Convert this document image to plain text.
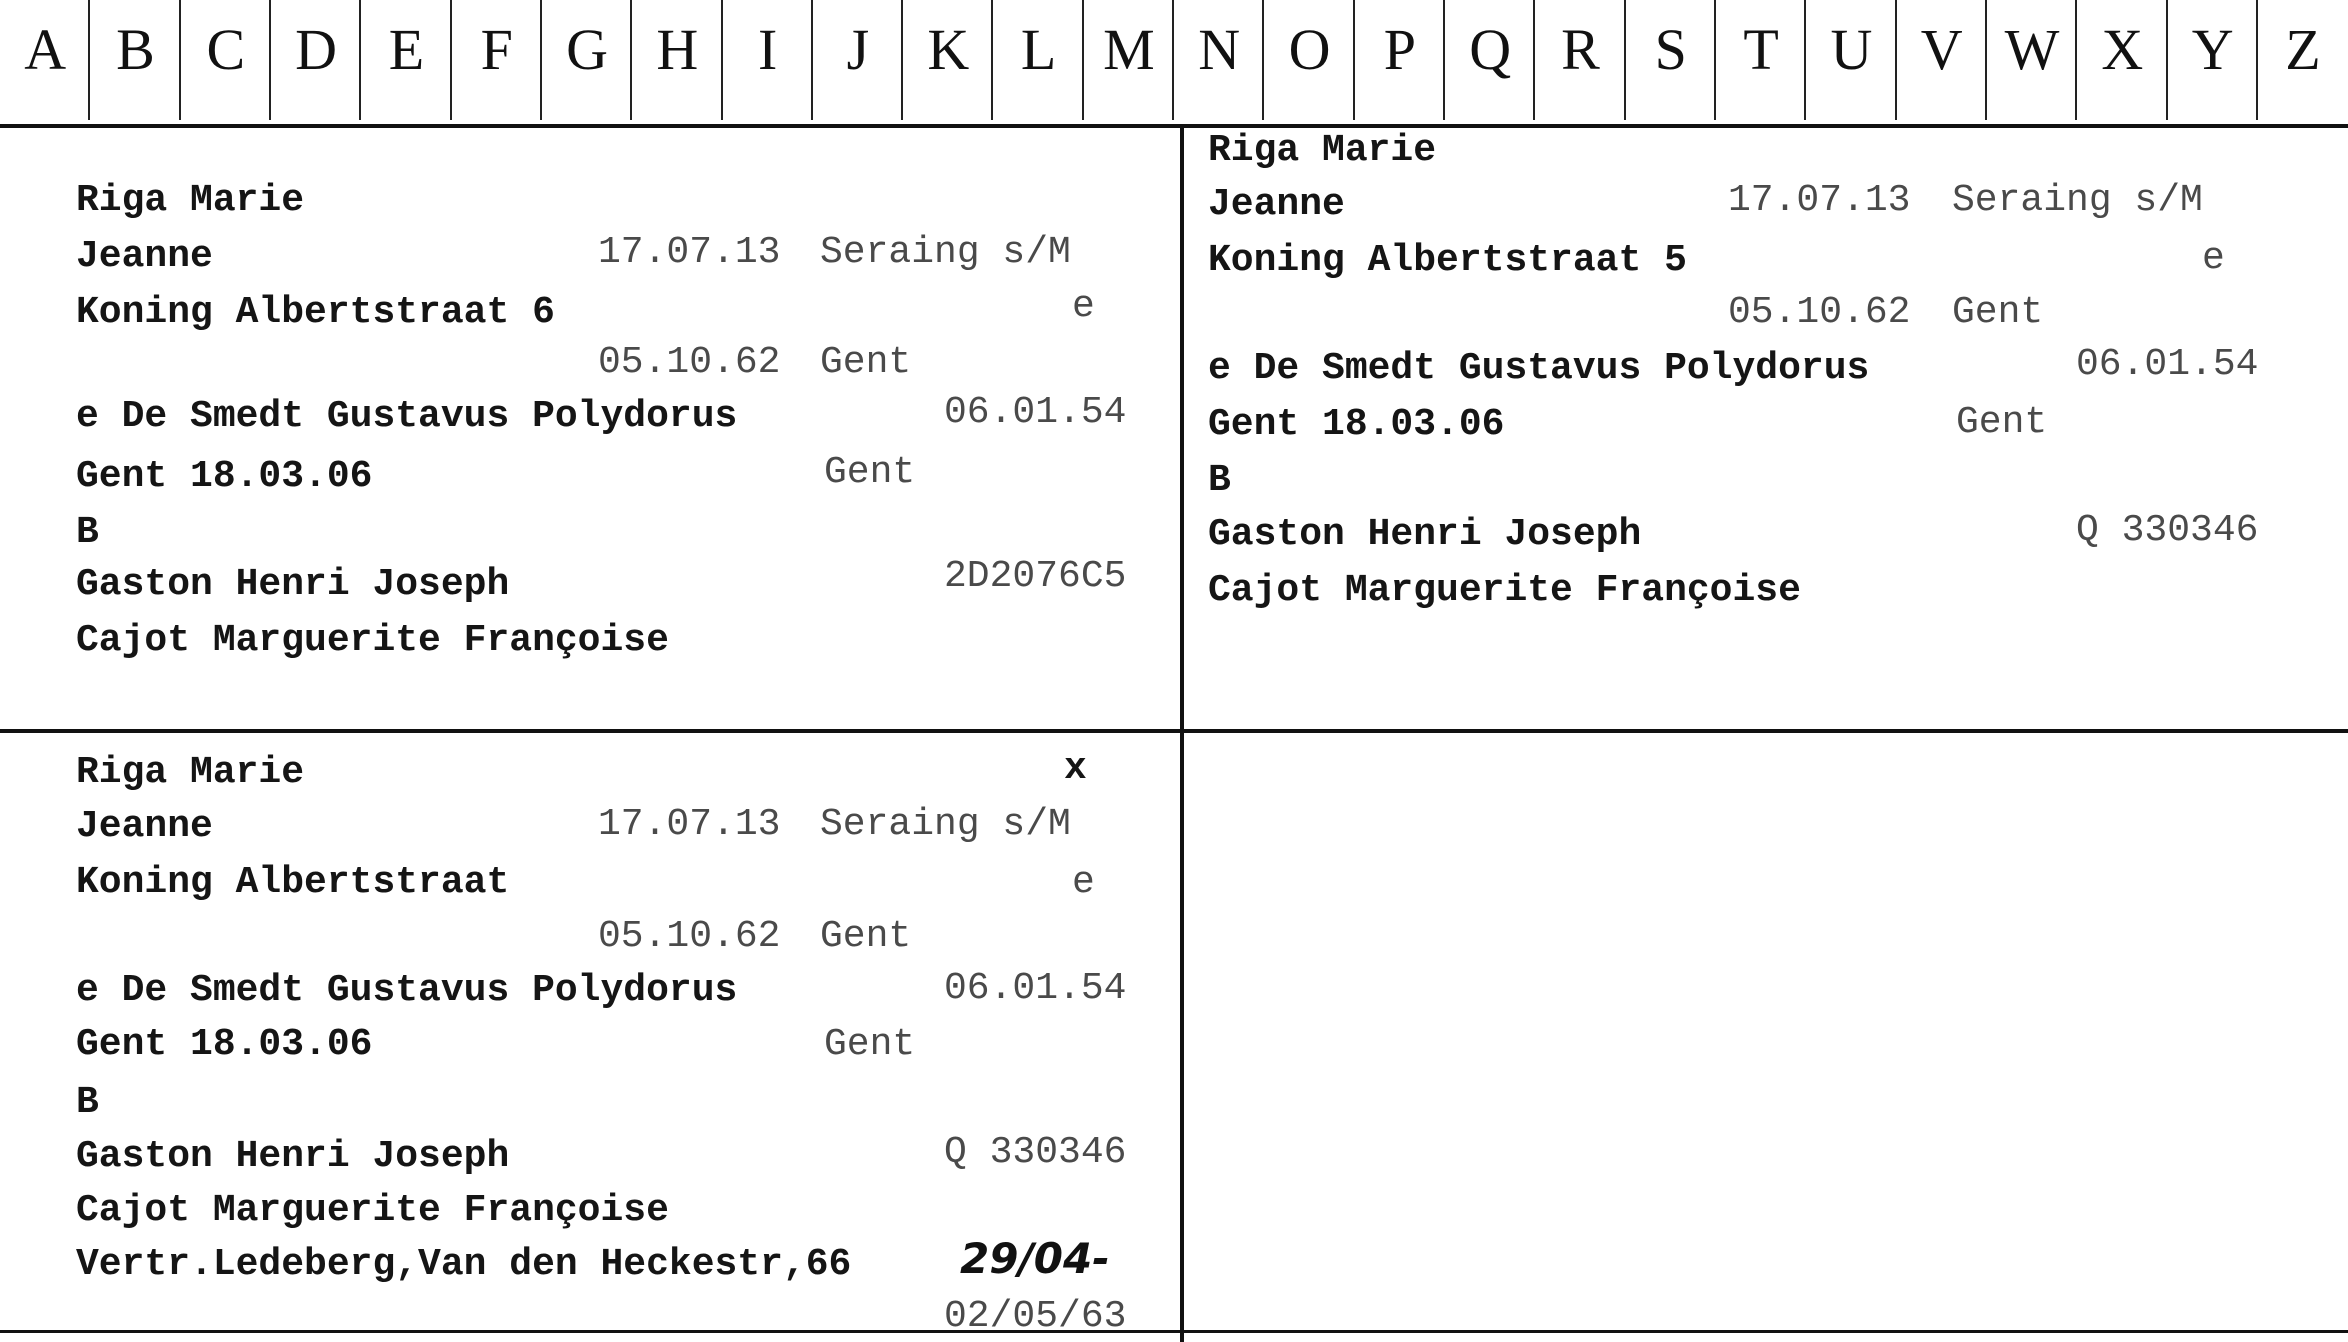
A B C D E F G H	I	J	K L M N O P Q R S T U V W X Y Z
Riga Marie
Jeanne	17.07.13 Seraing s/M
Koning Albertstraat 6	e
05.10.62 Gent
e De Smedt Gustavus Polydorus	06.01.54
Gent 18.03.06	Gent
B
Gaston Henri Joseph	2D2076C5
Cajot Marguerite Françoise
Riga Marie
Jeanne	17.07.13 Seraing s/M
Koning Albertstraat 5	e
05.10.62 Gent
e De Smedt Gustavus Polydorus	06.01.54
Gent 18.03.06	Gent
B
Gaston Henri Joseph	Q 330346
Cajot Marguerite Françoise
Riga Marie	x
Jeanne	17.07.13 Seraing s/M
Koning Albertstraat	e
05.10.62 Gent
e De Smedt Gustavus Polydorus	06.01.54
Gent 18.03.06	Gent
B
Gaston Henri Joseph	Q 330346
Cajot Marguerite Françoise
Vertr.Ledeberg,Van den Heckestr,66	29/04-
02/05/63
